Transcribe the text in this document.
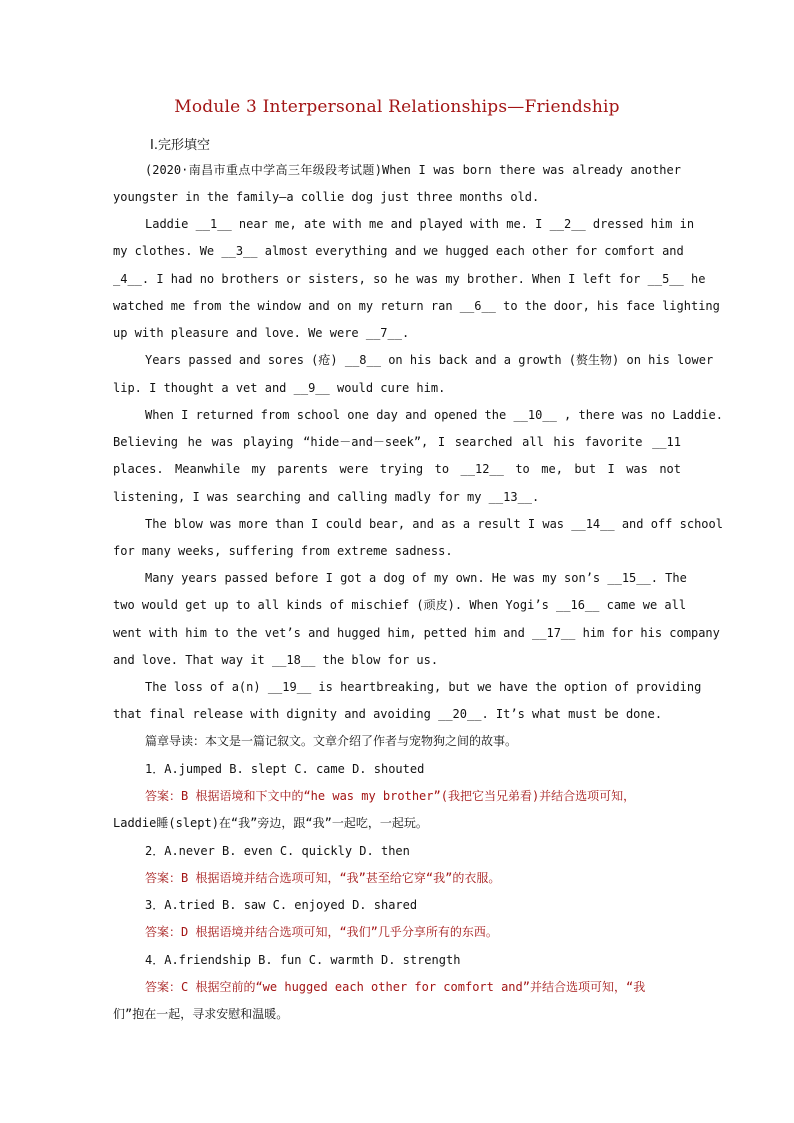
Module 3 Interpersonal Relationships—Friendship
Ⅰ.完形填空
(2020·南昌市重点中学高三年级段考试题)When I was born there was already another
youngster in the family—a collie dog just three months old.
Laddie __1__ near me, ate with me and played with me. I __2__ dressed him in
my clothes. We __3__ almost everything and we hugged each other for comfort and
_4__. I had no brothers or sisters, so he was my brother. When I left for __5__ he
watched me from the window and on my return ran __6__ to the door, his face lighting
up with pleasure and love. We were __7__.
Years passed and sores (疮) __8__ on his back and a growth (赘生物) on his lower
lip. I thought a vet and __9__ would cure him.
When I returned from school one day and opened the __10__ , there was no Laddie.
Believing he was playing “hide－and－seek”, I searched all his favorite __11
places. Meanwhile my parents were trying to __12__ to me, but I was not
listening, I was searching and calling madly for my __13__.
The blow was more than I could bear, and as a result I was __14__ and off school
for many weeks, suffering from extreme sadness.
Many years passed before I got a dog of my own. He was my son’s __15__. The
two would get up to all kinds of mischief (顽皮). When Yogi’s __16__ came we all
went with him to the vet’s and hugged him, petted him and __17__ him for his company
and love. That way it __18__ the blow for us.
The loss of a(n) __19__ is heartbreaking, but we have the option of providing
that final release with dignity and avoiding __20__. It’s what must be done.
篇章导读：本文是一篇记叙文。文章介绍了作者与宠物狗之间的故事。
1．A.jumped B. slept C. came D. shouted
答案：B 根据语境和下文中的“he was my brother”(我把它当兄弟看)并结合选项可知，
Laddie睡(slept)在“我”旁边，跟“我”一起吃，一起玩。
2．A.never B. even C. quickly D. then
答案：B 根据语境并结合选项可知，“我”甚至给它穿“我”的衣服。
3．A.tried B. saw C. enjoyed D. shared
答案：D 根据语境并结合选项可知，“我们”几乎分享所有的东西。
4．A.friendship B. fun C. warmth D. strength
答案：C 根据空前的“we hugged each other for comfort and”并结合选项可知，“我
们”抱在一起，寻求安慰和温暖。
